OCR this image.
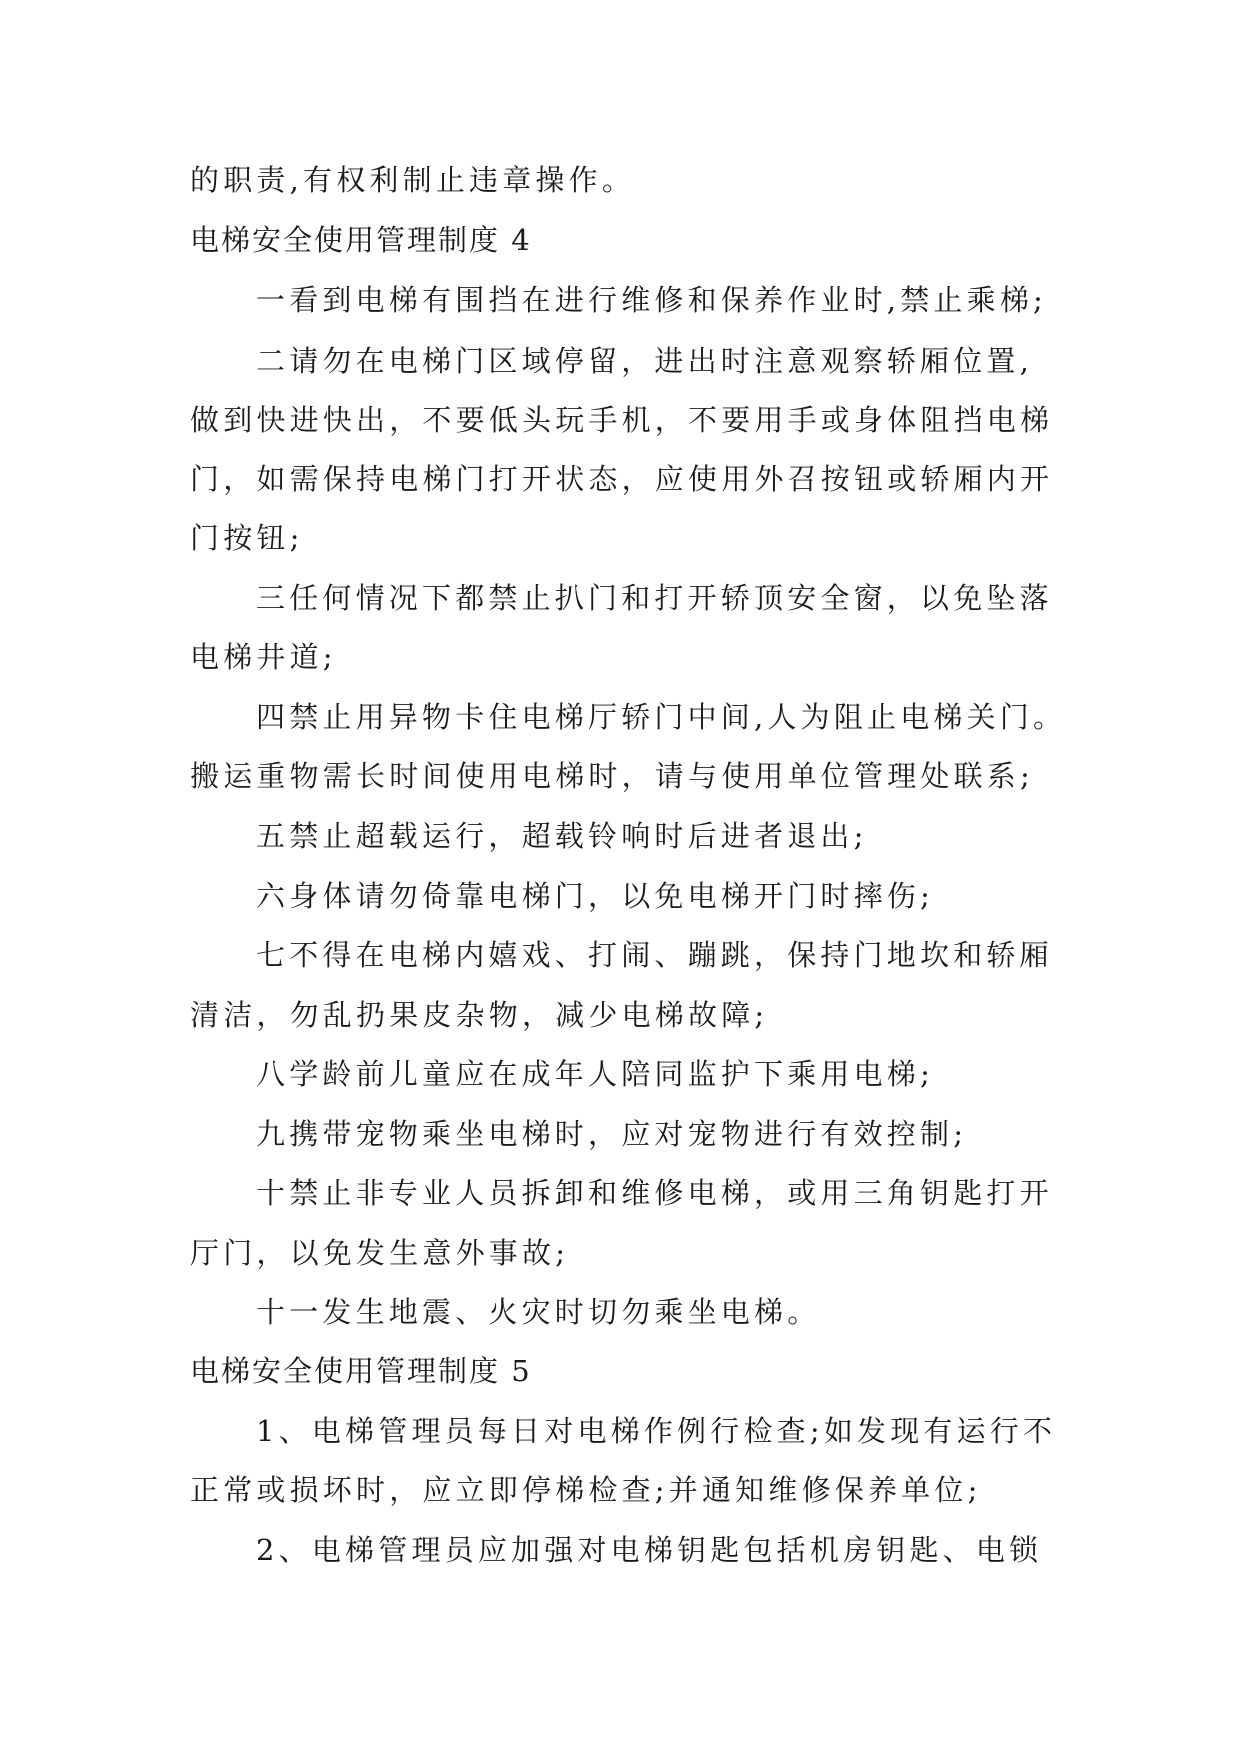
的职责,有权利制止违章操作。
电梯安全使用管理制度 4
一看到电梯有围挡在进行维修和保养作业时,禁止乘梯;
二请勿在电梯门区域停留，进出时注意观察轿厢位置,
做到快进快出，不要低头玩手机，不要用手或身体阻挡电梯
门，如需保持电梯门打开状态，应使用外召按钮或轿厢内开
门按钮;
三任何情况下都禁止扒门和打开轿顶安全窗，以免坠落
电梯井道;
四禁止用异物卡住电梯厅轿门中间,人为阻止电梯关门。
搬运重物需长时间使用电梯时，请与使用单位管理处联系;
五禁止超载运行，超载铃响时后进者退出;
六身体请勿倚靠电梯门，以免电梯开门时摔伤;
七不得在电梯内嬉戏、打闹、蹦跳，保持门地坎和轿厢
清洁，勿乱扔果皮杂物，减少电梯故障;
八学龄前儿童应在成年人陪同监护下乘用电梯;
九携带宠物乘坐电梯时，应对宠物进行有效控制;
十禁止非专业人员拆卸和维修电梯，或用三角钥匙打开
厅门，以免发生意外事故;
十一发生地震、火灾时切勿乘坐电梯。
电梯安全使用管理制度 5
1、电梯管理员每日对电梯作例行检查;如发现有运行不
正常或损坏时，应立即停梯检查;并通知维修保养单位;
2、电梯管理员应加强对电梯钥匙包括机房钥匙、电锁
